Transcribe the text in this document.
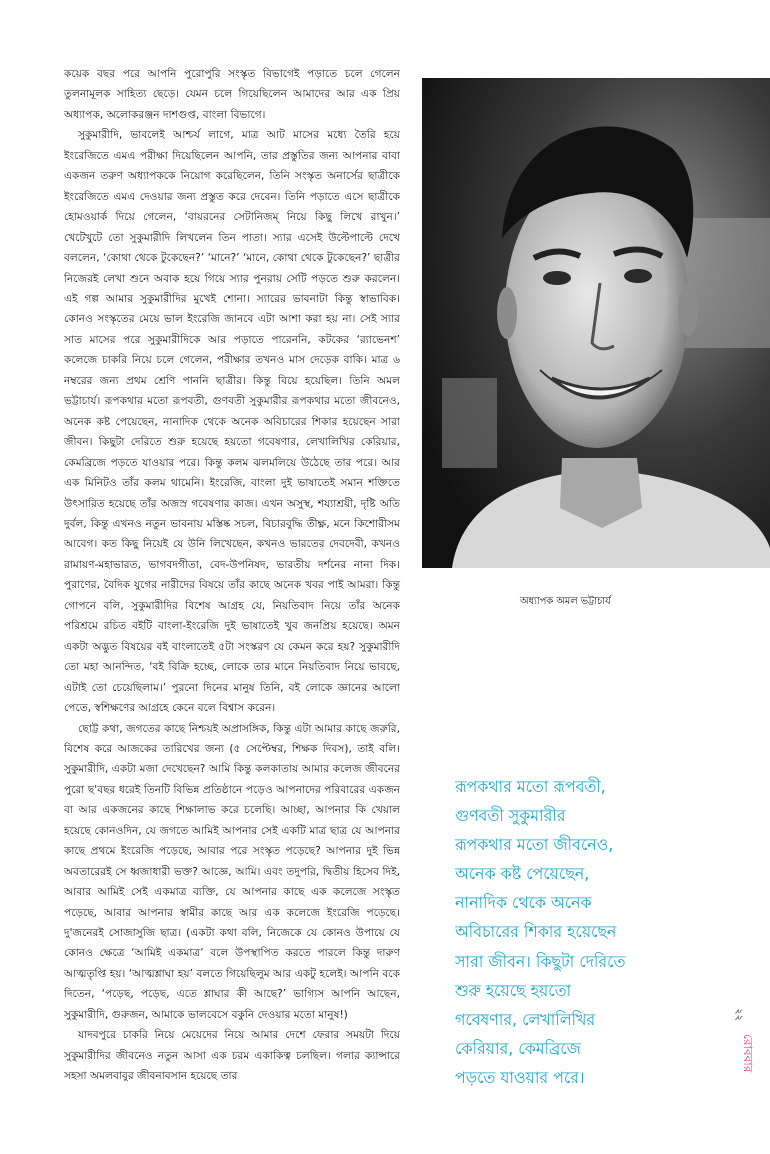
কয়েক বছর পরে আপনি পুরোপুরি সংস্কৃত বিভাগেই পড়াতে চলে গেলেন তুলনামূলক সাহিত্য ছেড়ে। যেমন চলে গিয়েছিলেন আমাদের আর এক প্রিয় অধ্যাপক, অলোকরঞ্জন দাশগুপ্ত, বাংলা বিভাগে।

সুকুমারীদি, ভাবলেই আশ্চর্য লাগে, মাত্র আট মাসের মধ্যে তৈরি হয়ে ইংরেজিতে এমএ পরীক্ষা দিয়েছিলেন আপনি, তার প্রস্তুতির জন্য আপনার বাবা একজন তরুণ অধ্যাপককে নিয়োগ করেছিলেন, তিনি সংস্কৃত অনার্সের ছাত্রীকে ইংরেজিতে এমএ দেওয়ার জন্য প্রস্তুত করে দেবেন। তিনি পড়াতে এসে ছাত্রীকে হোমওয়ার্ক দিয়ে গেলেন, ‘বায়রনের সেটানিজম্ নিয়ে কিছু লিখে রাখুন।’ খেটেখুটে তো সুকুমারীদি লিখলেন তিন পাতা। স্যার এসেই উল্টেপাল্টে দেখে বললেন, ‘কোথা থেকে টুকেছেন?’ ‘মানে?’ ‘মানে, কোথা থেকে টুকেছেন?’ ছাত্রীর নিজেরই লেখা শুনে অবাক হয়ে গিয়ে স্যার পুনরায় সেটি পড়তে শুরু করলেন। এই গল্প আমার সুকুমারীদির মুখেই শোনা। স্যারের ভাবনাটা কিন্তু স্বাভাবিক। কোনও সংস্কৃতের মেয়ে ভাল ইংরেজি জানবে এটা আশা করা হয় না। সেই স্যার সাত মাসের পরে সুকুমারীদিকে আর পড়াতে পারেননি, কটকের ‘র‍্যাভেনশ’ কলেজে চাকরি নিয়ে চলে গেলেন, পরীক্ষার তখনও মাস দেড়েক বাকি। মাত্র ৬ নম্বরের জন্য প্রথম শ্রেণি পাননি ছাত্রীর। কিন্তু বিয়ে হয়েছিল। তিনি অমল ভট্টাচার্য। রূপকথার মতো রূপবতী, গুণবতী সুকুমারীর রূপকথার মতো জীবনেও, অনেক কষ্ট পেয়েছেন, নানাদিক থেকে অনেক অবিচারের শিকার হয়েছেন সারা জীবন। কিছুটা দেরিতে শুরু হয়েছে হয়তো গবেষণার, লেখালিখির কেরিয়ার, কেমব্রিজে পড়তে যাওয়ার পরে। কিন্তু কলম ঝলমলিয়ে উঠেছে তার পরে। আর এক মিনিটও তাঁর কলম থামেনি। ইংরেজি, বাংলা দুই ভাষাতেই সমান শক্তিতে উৎসারিত হয়েছে তাঁর অজস্র গবেষণার কাজ। এখন অসুস্থ, শয্যাশ্রয়ী, দৃষ্টি অতি দুর্বল, কিন্তু এখনও নতুন ভাবনায় মস্তিষ্ক সচল, বিচারবুদ্ধি তীক্ষ্ণ, মনে কিশোরীসম আবেগ। কত কিছু নিয়েই যে উনি লিখেছেন, কখনও ভারতের দেবদেবী, কখনও রামায়ণ-মহাভারত, ভাগবদগীতা, বেদ-উপনিষদ, ভারতীয় দর্শনের নানা দিক। পুরাণের, বৈদিক যুগের নারীদের বিষয়ে তাঁর কাছে অনেক খবর পাই আমরা। কিন্তু গোপনে বলি, সুকুমারীদির বিশেষ আগ্রহ যে, নিয়তিবাদ নিয়ে তাঁর অনেক পরিশ্রমে রচিত বইটি বাংলা-ইংরেজি দুই ভাষাতেই খুব জনপ্রিয় হয়েছে। অমন একটা অদ্ভুত বিষয়ের বই বাংলাতেই ৫টা সংস্করণ যে কেমন করে হয়? সুকুমারীদি তো মহা আনন্দিত, ‘বই বিক্রি হচ্ছে, লোকে তার মানে নিয়তিবাদ নিয়ে ভাবছে, এটাই তো চেয়েছিলাম।’ পুরনো দিনের মানুষ তিনি, বই লোকে জ্ঞানের আলো পেতে, স্বশিক্ষণের আগ্রহে কেনে বলে বিশ্বাস করেন।

ছোট্ট কথা, জগতের কাছে নিশ্চয়ই অপ্রাসঙ্গিক, কিন্তু এটা আমার কাছে জরুরি, বিশেষ করে আজকের তারিখের জন্য (৫ সেপ্টেম্বর, শিক্ষক দিবস), তাই বলি। সুকুমারীদি, একটা মজা দেখেছেন? আমি কিন্তু কলকাতায় আমার কলেজ জীবনের পুরো ছ'বছর ধরেই তিনটি বিভিন্ন প্রতিষ্ঠানে পড়েও আপনাদের পরিবারের একজন বা আর একজনের কাছে শিক্ষালাভ করে চলেছি। আচ্ছা, আপনার কি খেয়াল হয়েছে কোনওদিন, যে জগতে আমিই আপনার সেই একটি মাত্র ছাত্র যে আপনার কাছে প্রথমে ইংরেজি পড়েছে, আবার পরে সংস্কৃত পড়েছে? আপনার দুই ভিন্ন অবতারেরই সে ধ্বজাধারী ভক্ত? আজ্ঞে, আমি। এবং তদুপরি, দ্বিতীয় হিসেব দিই, আবার আমিই সেই একমাত্র ব্যক্তি, যে আপনার কাছে এক কলেজে সংস্কৃত পড়েছে, আবার আপনার স্বামীর কাছে আর এক কলেজে ইংরেজি পড়েছে। দু'জনেরই সোজাসুজি ছাত্র। (একটা কথা বলি, নিজেকে যে কোনও উপায়ে যে কোনও ক্ষেত্রে ‘আমিই একমাত্র’ বলে উপস্থাপিত করতে পারলে কিন্তু দারুণ আত্মতৃপ্তি হয়। ‘আত্মশ্লাঘা হয়’ বলতে গিয়েছিলুম আর একটু হলেই। আপনি বকে দিতেন, ‘পড়েছ, পড়েছ, এতে শ্লাঘার কী আছে?’ ভাগ্যিস আপনি আছেন, সুকুমারীদি, গুরুজন, আমাকে ভালবেসে বকুনি দেওয়ার মতো মানুষ!)

যাদবপুরে চাকরি নিয়ে মেয়েদের নিয়ে আমার দেশে ফেরার সময়টা দিয়ে সুকুমারীদির জীবনেও নতুন আসা এক চরম একাকিত্ব চলছিল। গলার ক্যান্সারে সহসা অমলবাবুর জীবনাবসান হয়েছে তার

অধ্যাপক অমল ভট্টাচার্য
রূপকথার মতো রূপবতী,
গুণবতী সুকুমারীর
রূপকথার মতো জীবনেও,
অনেক কষ্ট পেয়েছেন,
নানাদিক থেকে অনেক
অবিচারের শিকার হয়েছেন
সারা জীবন। কিছুটা দেরিতে
শুরু হয়েছে হয়তো
গবেষণার, লেখালিখির
কেরিয়ার, কেমব্রিজে
পড়তে যাওয়ার পরে।
২২
রোববার
